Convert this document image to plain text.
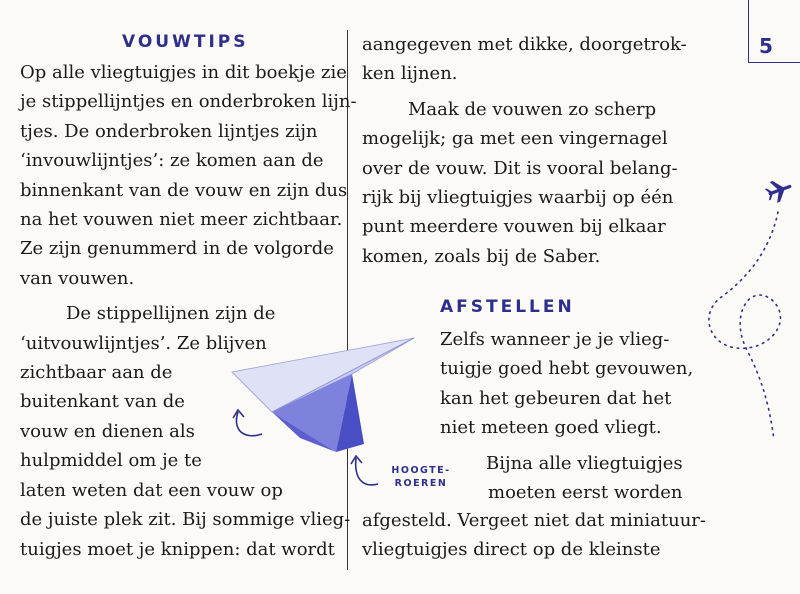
5
VOUWTIPS

Op alle vliegtuigjes in dit boekje zie

je stippellijntjes en onderbroken lijn-

tjes. De onderbroken lijntjes zijn

‘invouwlijntjes’: ze komen aan de

binnenkant van de vouw en zijn dus

na het vouwen niet meer zichtbaar.

Ze zijn genummerd in de volgorde

van vouwen.

De stippellijnen zijn de

‘uitvouwlijntjes’. Ze blijven

zichtbaar aan de

buitenkant van de

vouw en dienen als

hulpmiddel om je te

laten weten dat een vouw op

de juiste plek zit. Bij sommige vlieg-

tuigjes moet je knippen: dat wordt

aangegeven met dikke, doorgetrok-

ken lijnen.

Maak de vouwen zo scherp

mogelijk; ga met een vingernagel

over de vouw. Dit is vooral belang-

rijk bij vliegtuigjes waarbij op één

punt meerdere vouwen bij elkaar

komen, zoals bij de Saber.

AFSTELLEN

Zelfs wanneer je je vlieg-

tuigje goed hebt gevouwen,

kan het gebeuren dat het

niet meteen goed vliegt.

Bijna alle vliegtuigjes

moeten eerst worden

afgesteld. Vergeet niet dat miniatuur-

vliegtuigjes direct op de kleinste

HOOGTE-
ROEREN
